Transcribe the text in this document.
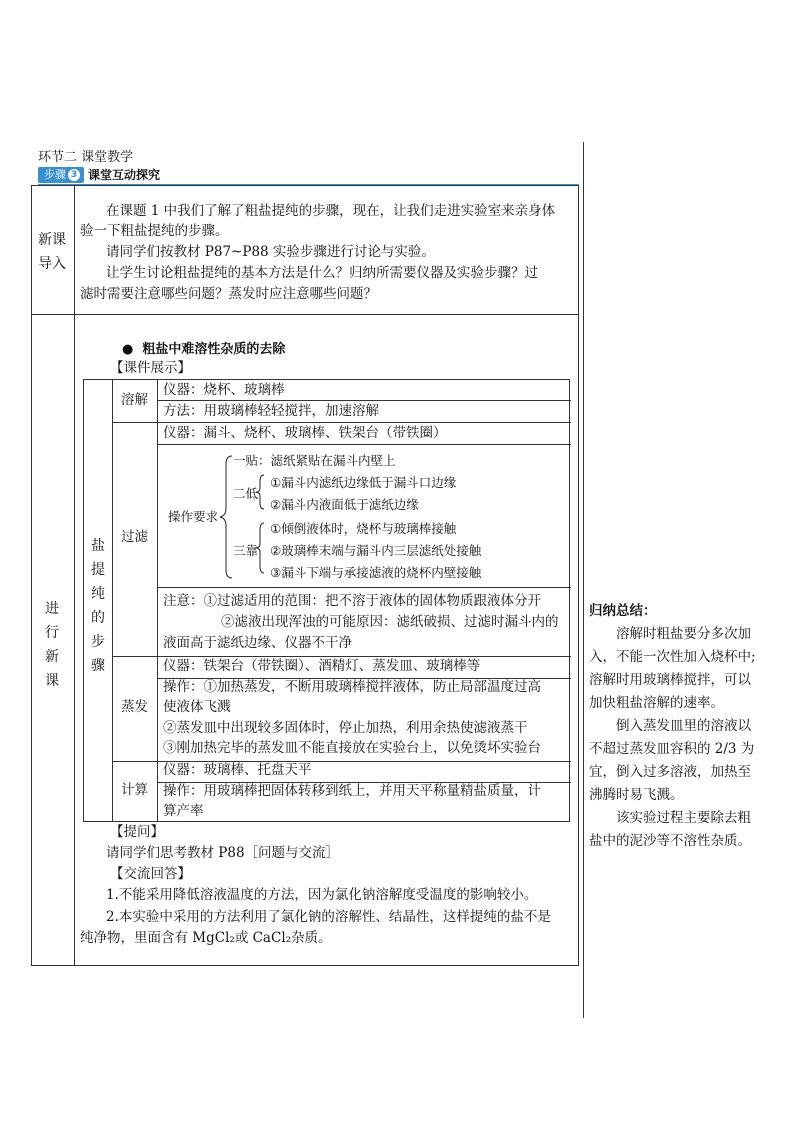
环节二 课堂教学
步骤 3 课堂互动探究
新课
导入
在课题 1 中我们了解了粗盐提纯的步骤，现在，让我们走进实验室来亲身体
验一下粗盐提纯的步骤。
请同学们按教材 P87~P88 实验步骤进行讨论与实验。
让学生讨论粗盐提纯的基本方法是什么？归纳所需要仪器及实验步骤？过
滤时需要注意哪些问题？蒸发时应注意哪些问题？
进
行
新
课
●  粗盐中难溶性杂质的去除
【课件展示】
盐
提
纯
的
步
骤
溶解
仪器：烧杯、玻璃棒
方法：用玻璃棒轻轻搅拌，加速溶解
过滤
仪器：漏斗、烧杯、玻璃棒、铁架台（带铁圈）
操作要求
一贴：滤纸紧贴在漏斗内壁上
二低
①漏斗内滤纸边缘低于漏斗口边缘
②漏斗内液面低于滤纸边缘
三靠
①倾倒液体时，烧杯与玻璃棒接触
②玻璃棒末端与漏斗内三层滤纸处接触
③漏斗下端与承接滤液的烧杯内壁接触
注意：①过滤适用的范围：把不溶于液体的固体物质跟液体分开
②滤液出现浑浊的可能原因：滤纸破损、过滤时漏斗内的
液面高于滤纸边缘、仪器不干净
蒸发
仪器：铁架台（带铁圈）、酒精灯、蒸发皿、玻璃棒等
操作：①加热蒸发，不断用玻璃棒搅拌液体，防止局部温度过高
使液体飞溅
②蒸发皿中出现较多固体时，停止加热，利用余热使滤液蒸干
③刚加热完毕的蒸发皿不能直接放在实验台上，以免烫坏实验台
计算
仪器：玻璃棒、托盘天平
操作：用玻璃棒把固体转移到纸上，并用天平称量精盐质量，计
算产率
【提问】
请同学们思考教材 P88［问题与交流］
【交流回答】
1.不能采用降低溶液温度的方法，因为氯化钠溶解度受温度的影响较小。
2.本实验中采用的方法利用了氯化钠的溶解性、结晶性，这样提纯的盐不是
纯净物，里面含有 MgCl₂或 CaCl₂杂质。
归纳总结：
溶解时粗盐要分多次加
入，不能一次性加入烧杯中;
溶解时用玻璃棒搅拌，可以
加快粗盐溶解的速率。
倒入蒸发皿里的溶液以
不超过蒸发皿容积的 2/3 为
宜，倒入过多溶液，加热至
沸腾时易飞溅。
该实验过程主要除去粗
盐中的泥沙等不溶性杂质。
